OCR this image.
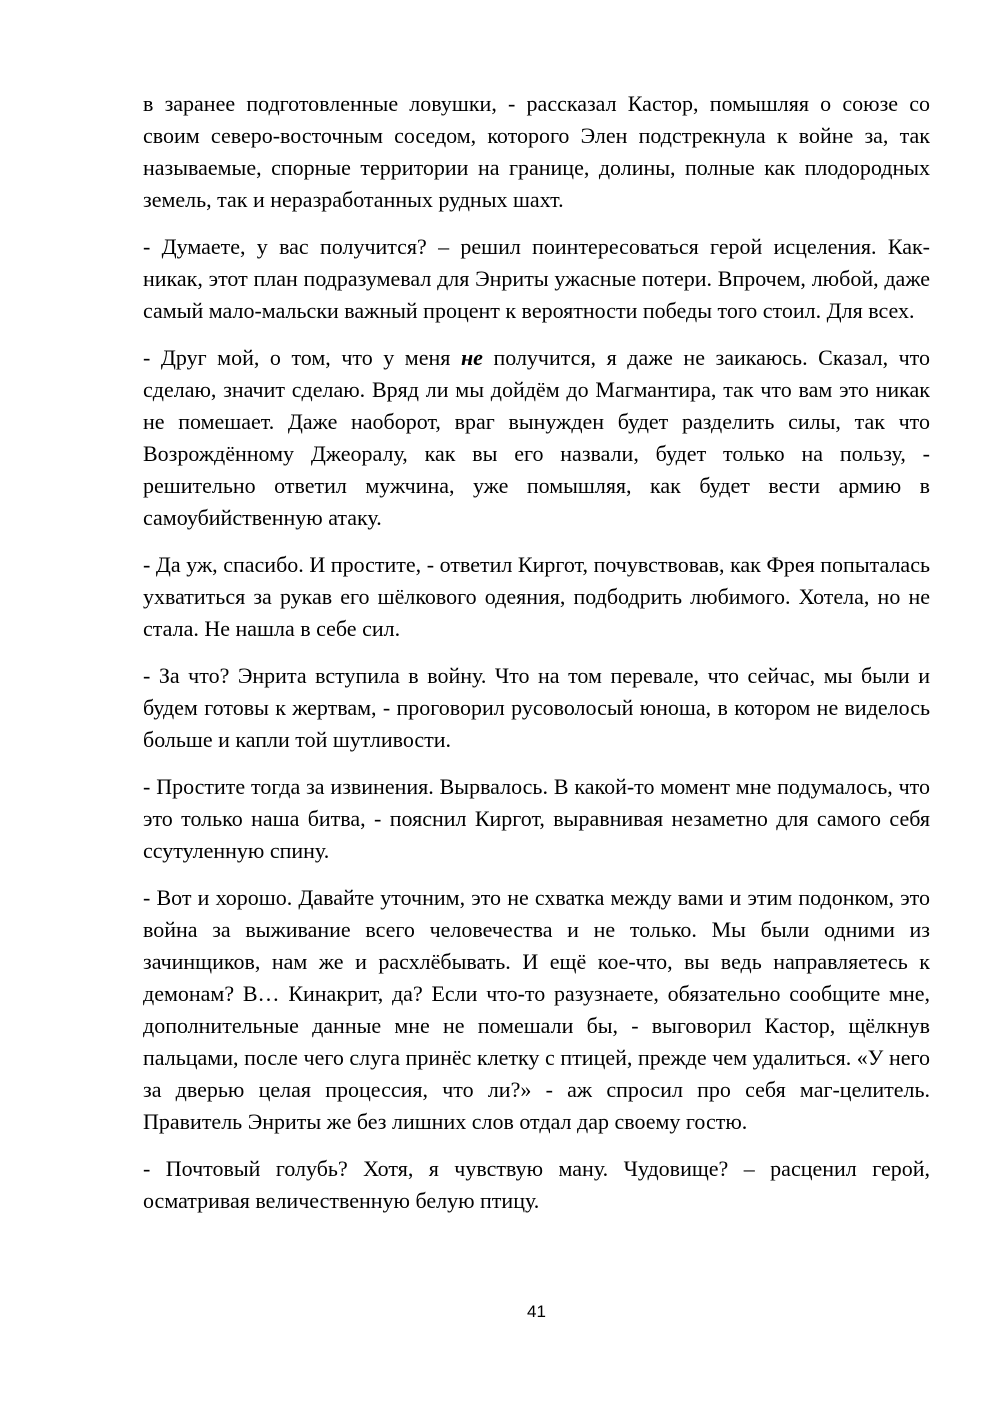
в заранее подготовленные ловушки, - рассказал Кастор, помышляя о союзе со своим северо-восточным соседом, которого Элен подстрекнула к войне за, так называемые, спорные территории на границе, долины, полные как плодородных земель, так и неразработанных рудных шахт.

- Думаете, у вас получится? – решил поинтересоваться герой исцеления. Как-никак, этот план подразумевал для Энриты ужасные потери. Впрочем, любой, даже самый мало-мальски важный процент к вероятности победы того стоил. Для всех.

- Друг мой, о том, что у меня не получится, я даже не заикаюсь. Сказал, что сделаю, значит сделаю. Вряд ли мы дойдём до Магмантира, так что вам это никак не помешает. Даже наоборот, враг вынужден будет разделить силы, так что Возрождённому Джеоралу, как вы его назвали, будет только на пользу, - решительно ответил мужчина, уже помышляя, как будет вести армию в самоубийственную атаку.

- Да уж, спасибо. И простите, - ответил Киргот, почувствовав, как Фрея попыталась ухватиться за рукав его шёлкового одеяния, подбодрить любимого. Хотела, но не стала. Не нашла в себе сил.

- За что? Энрита вступила в войну. Что на том перевале, что сейчас, мы были и будем готовы к жертвам, - проговорил русоволосый юноша, в котором не виделось больше и капли той шутливости.

- Простите тогда за извинения. Вырвалось. В какой-то момент мне подумалось, что это только наша битва, - пояснил Киргот, выравнивая незаметно для самого себя ссутуленную спину.

- Вот и хорошо. Давайте уточним, это не схватка между вами и этим подонком, это война за выживание всего человечества и не только. Мы были одними из зачинщиков, нам же и расхлёбывать. И ещё кое-что, вы ведь направляетесь к демонам? В… Кинакрит, да? Если что-то разузнаете, обязательно сообщите мне, дополнительные данные мне не помешали бы, - выговорил Кастор, щёлкнув пальцами, после чего слуга принёс клетку с птицей, прежде чем удалиться. «У него за дверью целая процессия, что ли?» - аж спросил про себя маг-целитель. Правитель Энриты же без лишних слов отдал дар своему гостю.

- Почтовый голубь? Хотя, я чувствую ману. Чудовище? – расценил герой, осматривая величественную белую птицу.

41
